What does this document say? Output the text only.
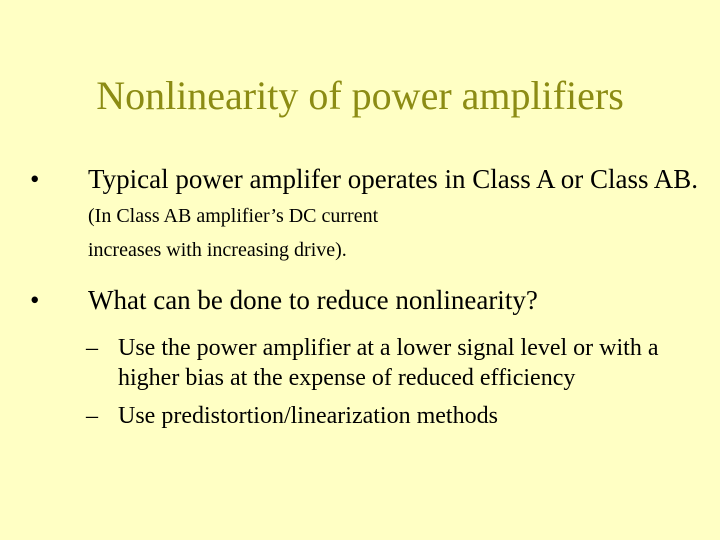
Nonlinearity of power amplifiers
• Typical power amplifer operates in Class A or Class AB. (In Class AB amplifier’s DC current
increases with increasing drive).
• What can be done to reduce nonlinearity?
– Use the power amplifier at a lower signal level or with a higher bias at the expense of reduced efficiency
– Use predistortion/linearization methods
